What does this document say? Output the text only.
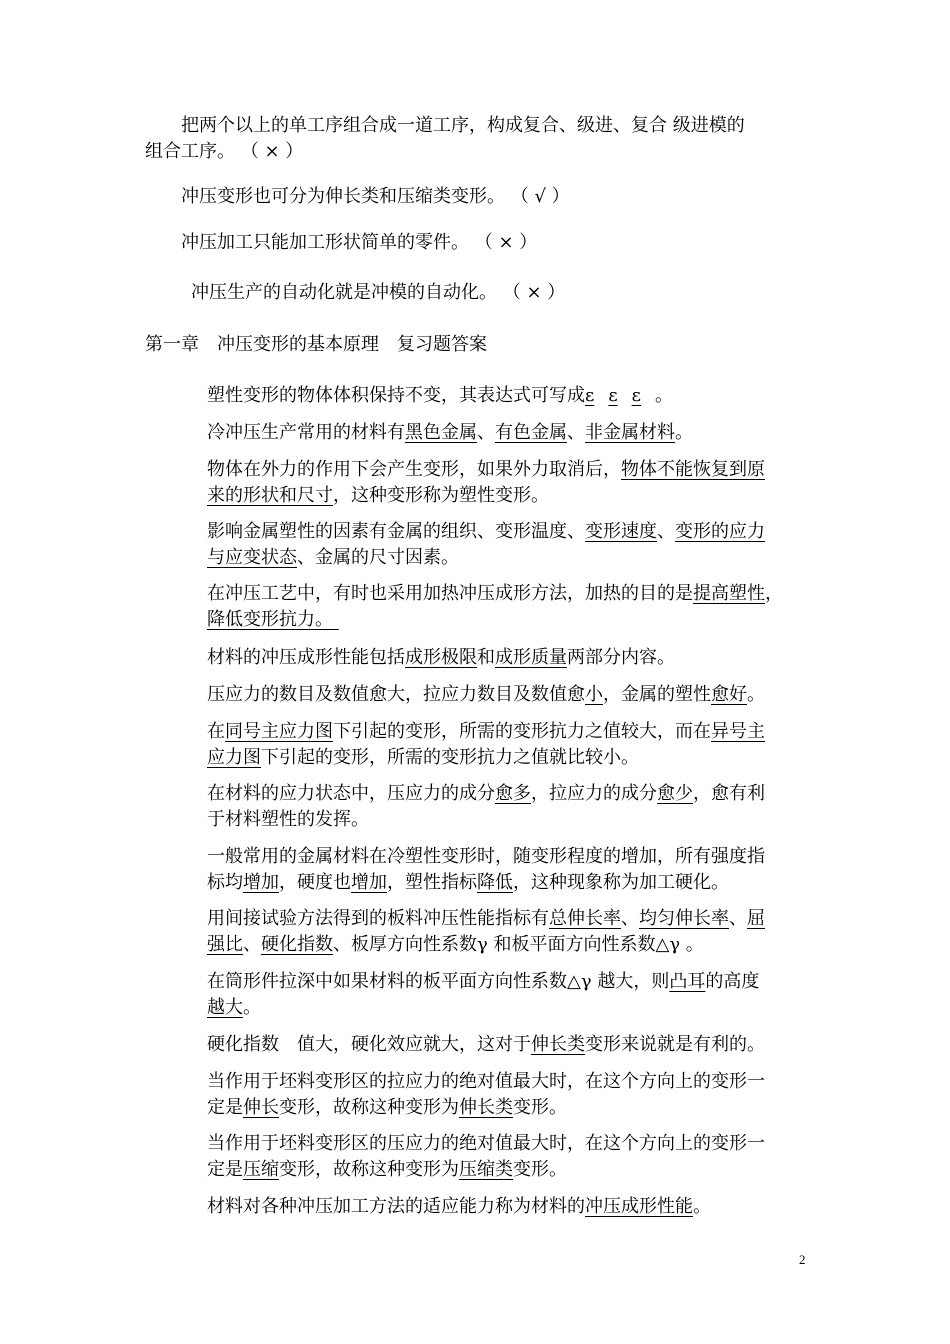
把两个以上的单工序组合成一道工序，构成复合、级进、复合 级进模的
组合工序。 （ × ）
冲压变形也可分为伸长类和压缩类变形。 （ √ ）
冲压加工只能加工形状简单的零件。 （ × ）
冲压生产的自动化就是冲模的自动化。 （ × ）
第一章　冲压变形的基本原理　复习题答案
塑性变形的物体体积保持不变，其表达式可写成ε ε ε 。
冷冲压生产常用的材料有黑色金属、有色金属、非金属材料。
物体在外力的作用下会产生变形，如果外力取消后，物体不能恢复到原
来的形状和尺寸，这种变形称为塑性变形。
影响金属塑性的因素有金属的组织、变形温度、变形速度、变形的应力
与应变状态、金属的尺寸因素。
在冲压工艺中，有时也采用加热冲压成形方法，加热的目的是提高塑性，
降低变形抗力。
材料的冲压成形性能包括成形极限和成形质量两部分内容。
压应力的数目及数值愈大，拉应力数目及数值愈小，金属的塑性愈好。
在同号主应力图下引起的变形，所需的变形抗力之值较大，而在异号主
应力图下引起的变形，所需的变形抗力之值就比较小。
在材料的应力状态中，压应力的成分愈多，拉应力的成分愈少，愈有利
于材料塑性的发挥。
一般常用的金属材料在冷塑性变形时，随变形程度的增加，所有强度指
标均增加，硬度也增加，塑性指标降低，这种现象称为加工硬化。
用间接试验方法得到的板料冲压性能指标有总伸长率、均匀伸长率、屈
强比、硬化指数、板厚方向性系数γ 和板平面方向性系数△γ 。
在筒形件拉深中如果材料的板平面方向性系数△γ 越大，则凸耳的高度
越大。
硬化指数　值大，硬化效应就大，这对于伸长类变形来说就是有利的。
当作用于坯料变形区的拉应力的绝对值最大时，在这个方向上的变形一
定是伸长变形，故称这种变形为伸长类变形。
当作用于坯料变形区的压应力的绝对值最大时，在这个方向上的变形一
定是压缩变形，故称这种变形为压缩类变形。
材料对各种冲压加工方法的适应能力称为材料的冲压成形性能。
2
